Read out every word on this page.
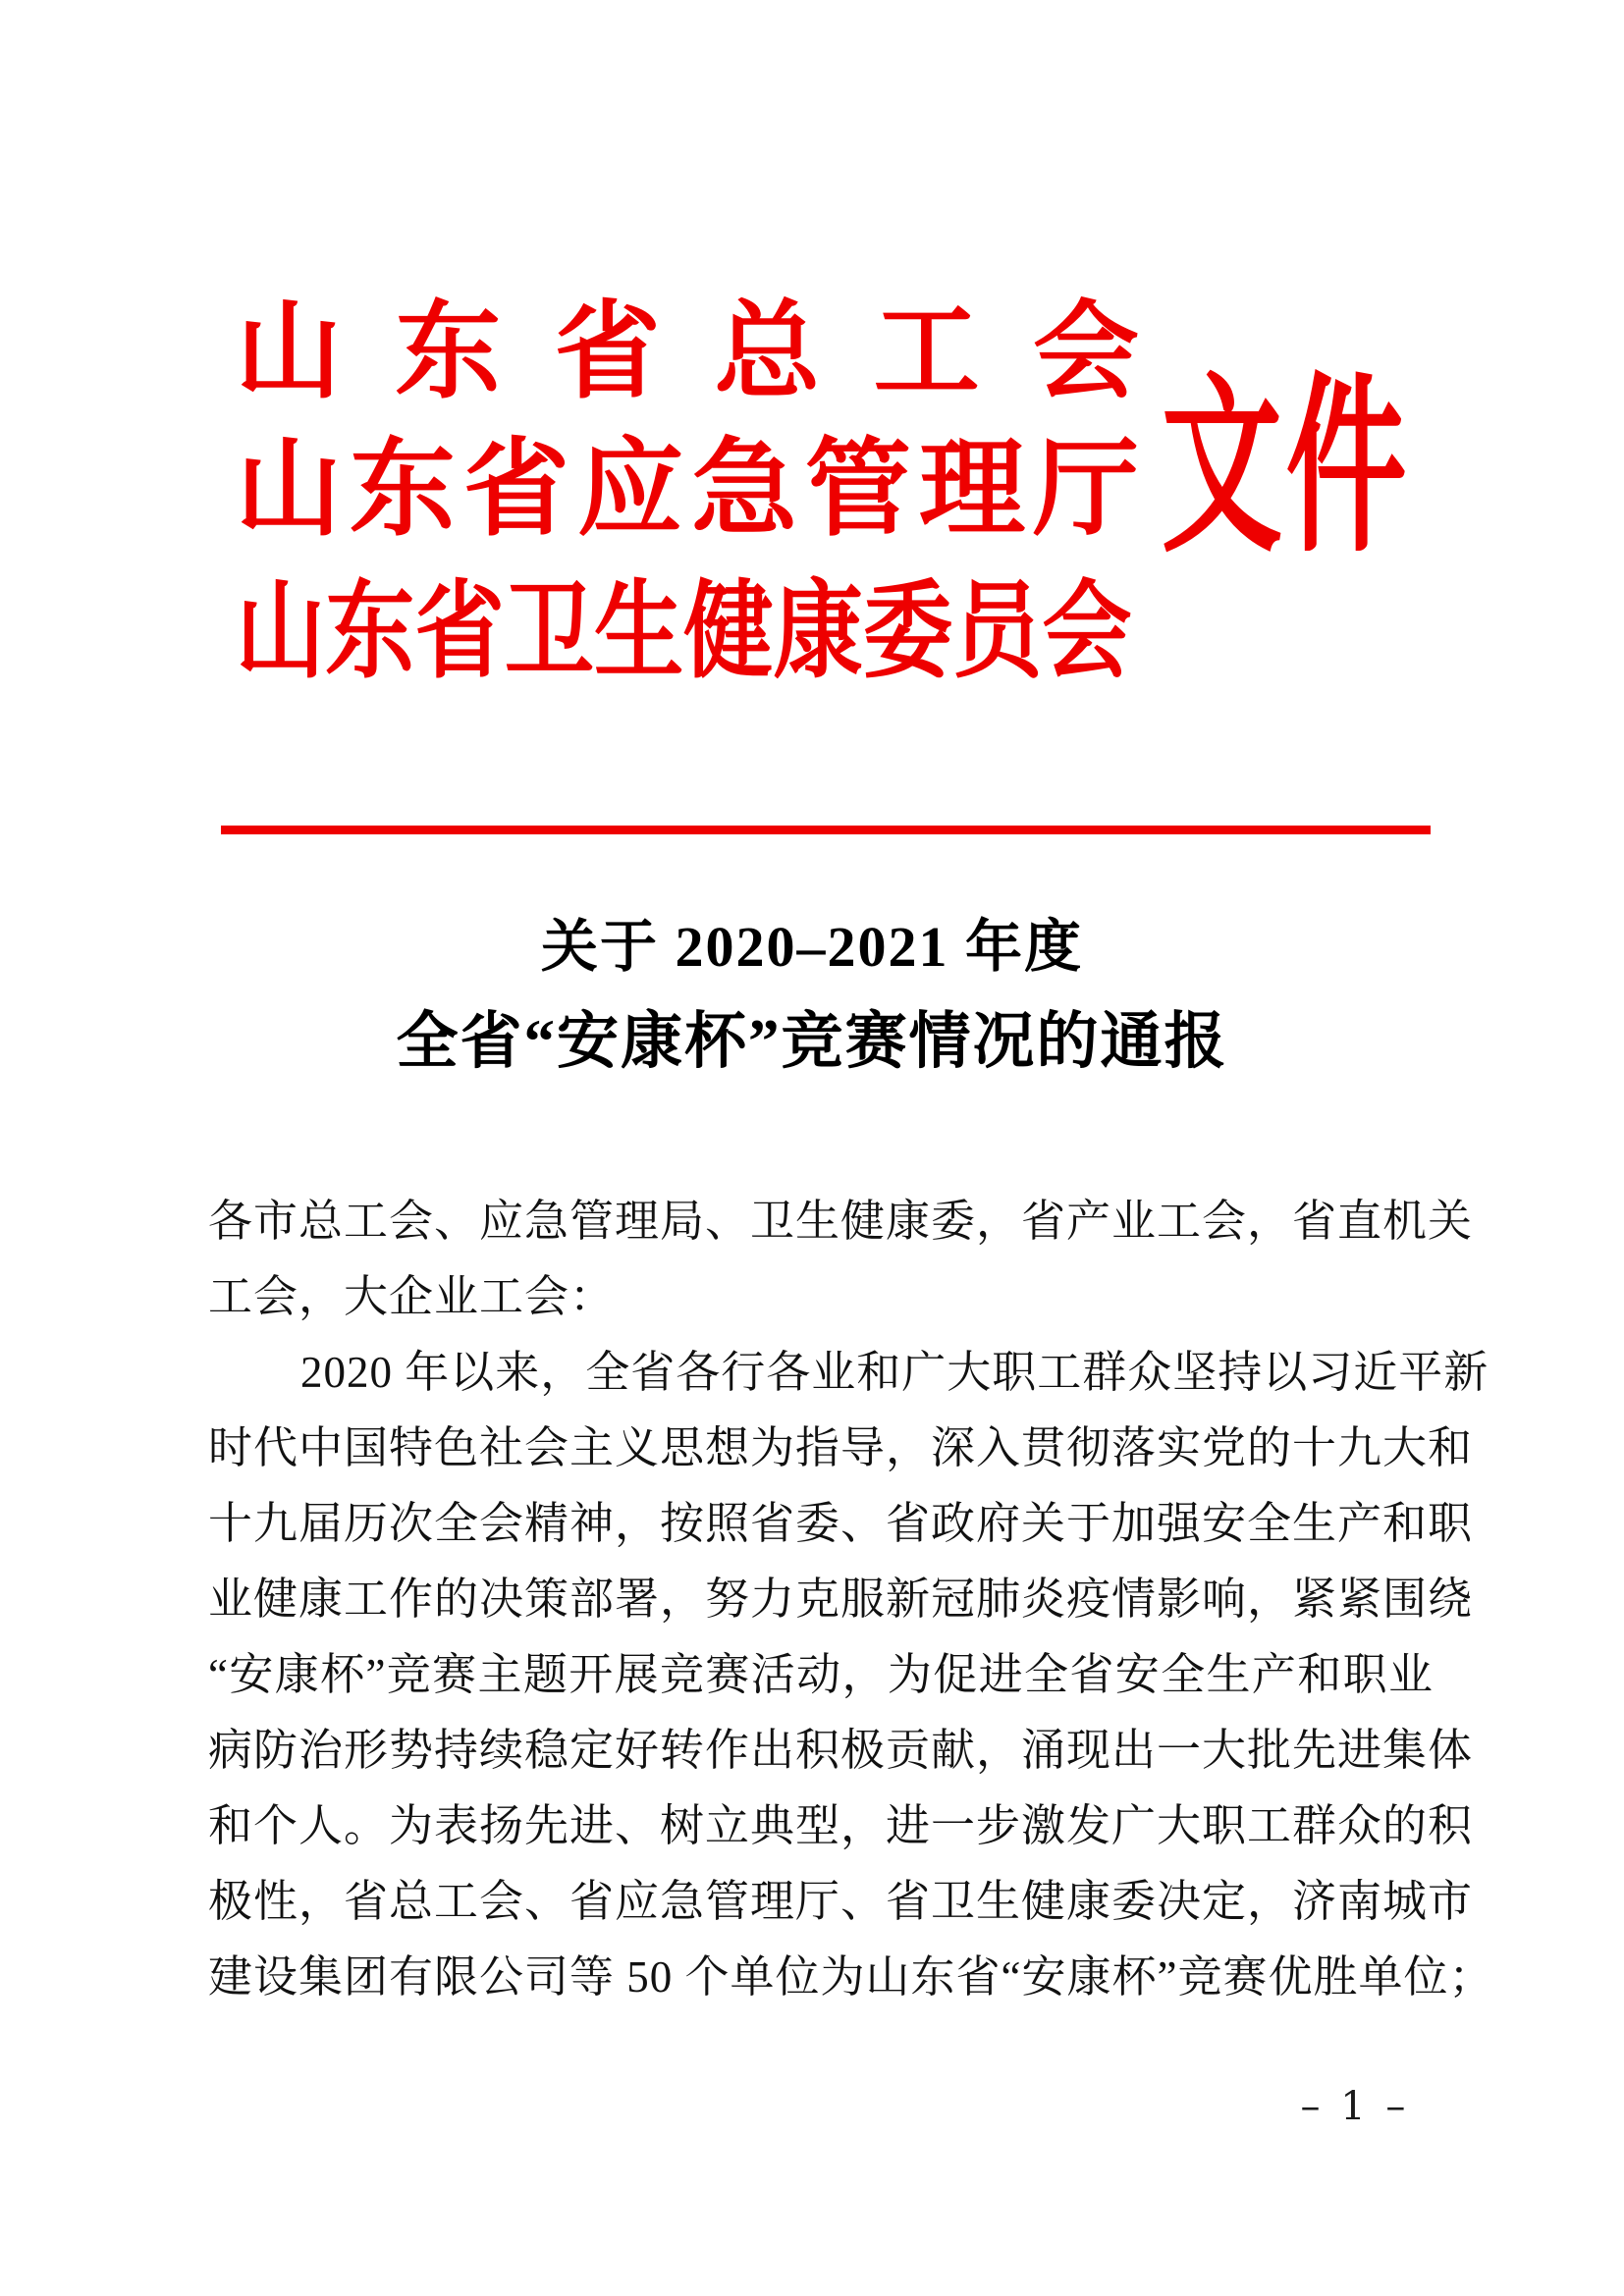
山东省总工会
山东省应急管理厅
山东省卫生健康委员会
文件
关于 2020–2021 年度
全省“安康杯”竞赛情况的通报
各市总工会、应急管理局、卫生健康委，省产业工会，省直机关
工会，大企业工会：
2020 年以来，全省各行各业和广大职工群众坚持以习近平新
时代中国特色社会主义思想为指导，深入贯彻落实党的十九大和
十九届历次全会精神，按照省委、省政府关于加强安全生产和职
业健康工作的决策部署，努力克服新冠肺炎疫情影响，紧紧围绕
“安康杯”竞赛主题开展竞赛活动，为促进全省安全生产和职业
病防治形势持续稳定好转作出积极贡献，涌现出一大批先进集体
和个人。为表扬先进、树立典型，进一步激发广大职工群众的积
极性，省总工会、省应急管理厅、省卫生健康委决定，济南城市
建设集团有限公司等 50 个单位为山东省“安康杯”竞赛优胜单位；
– 1 –
